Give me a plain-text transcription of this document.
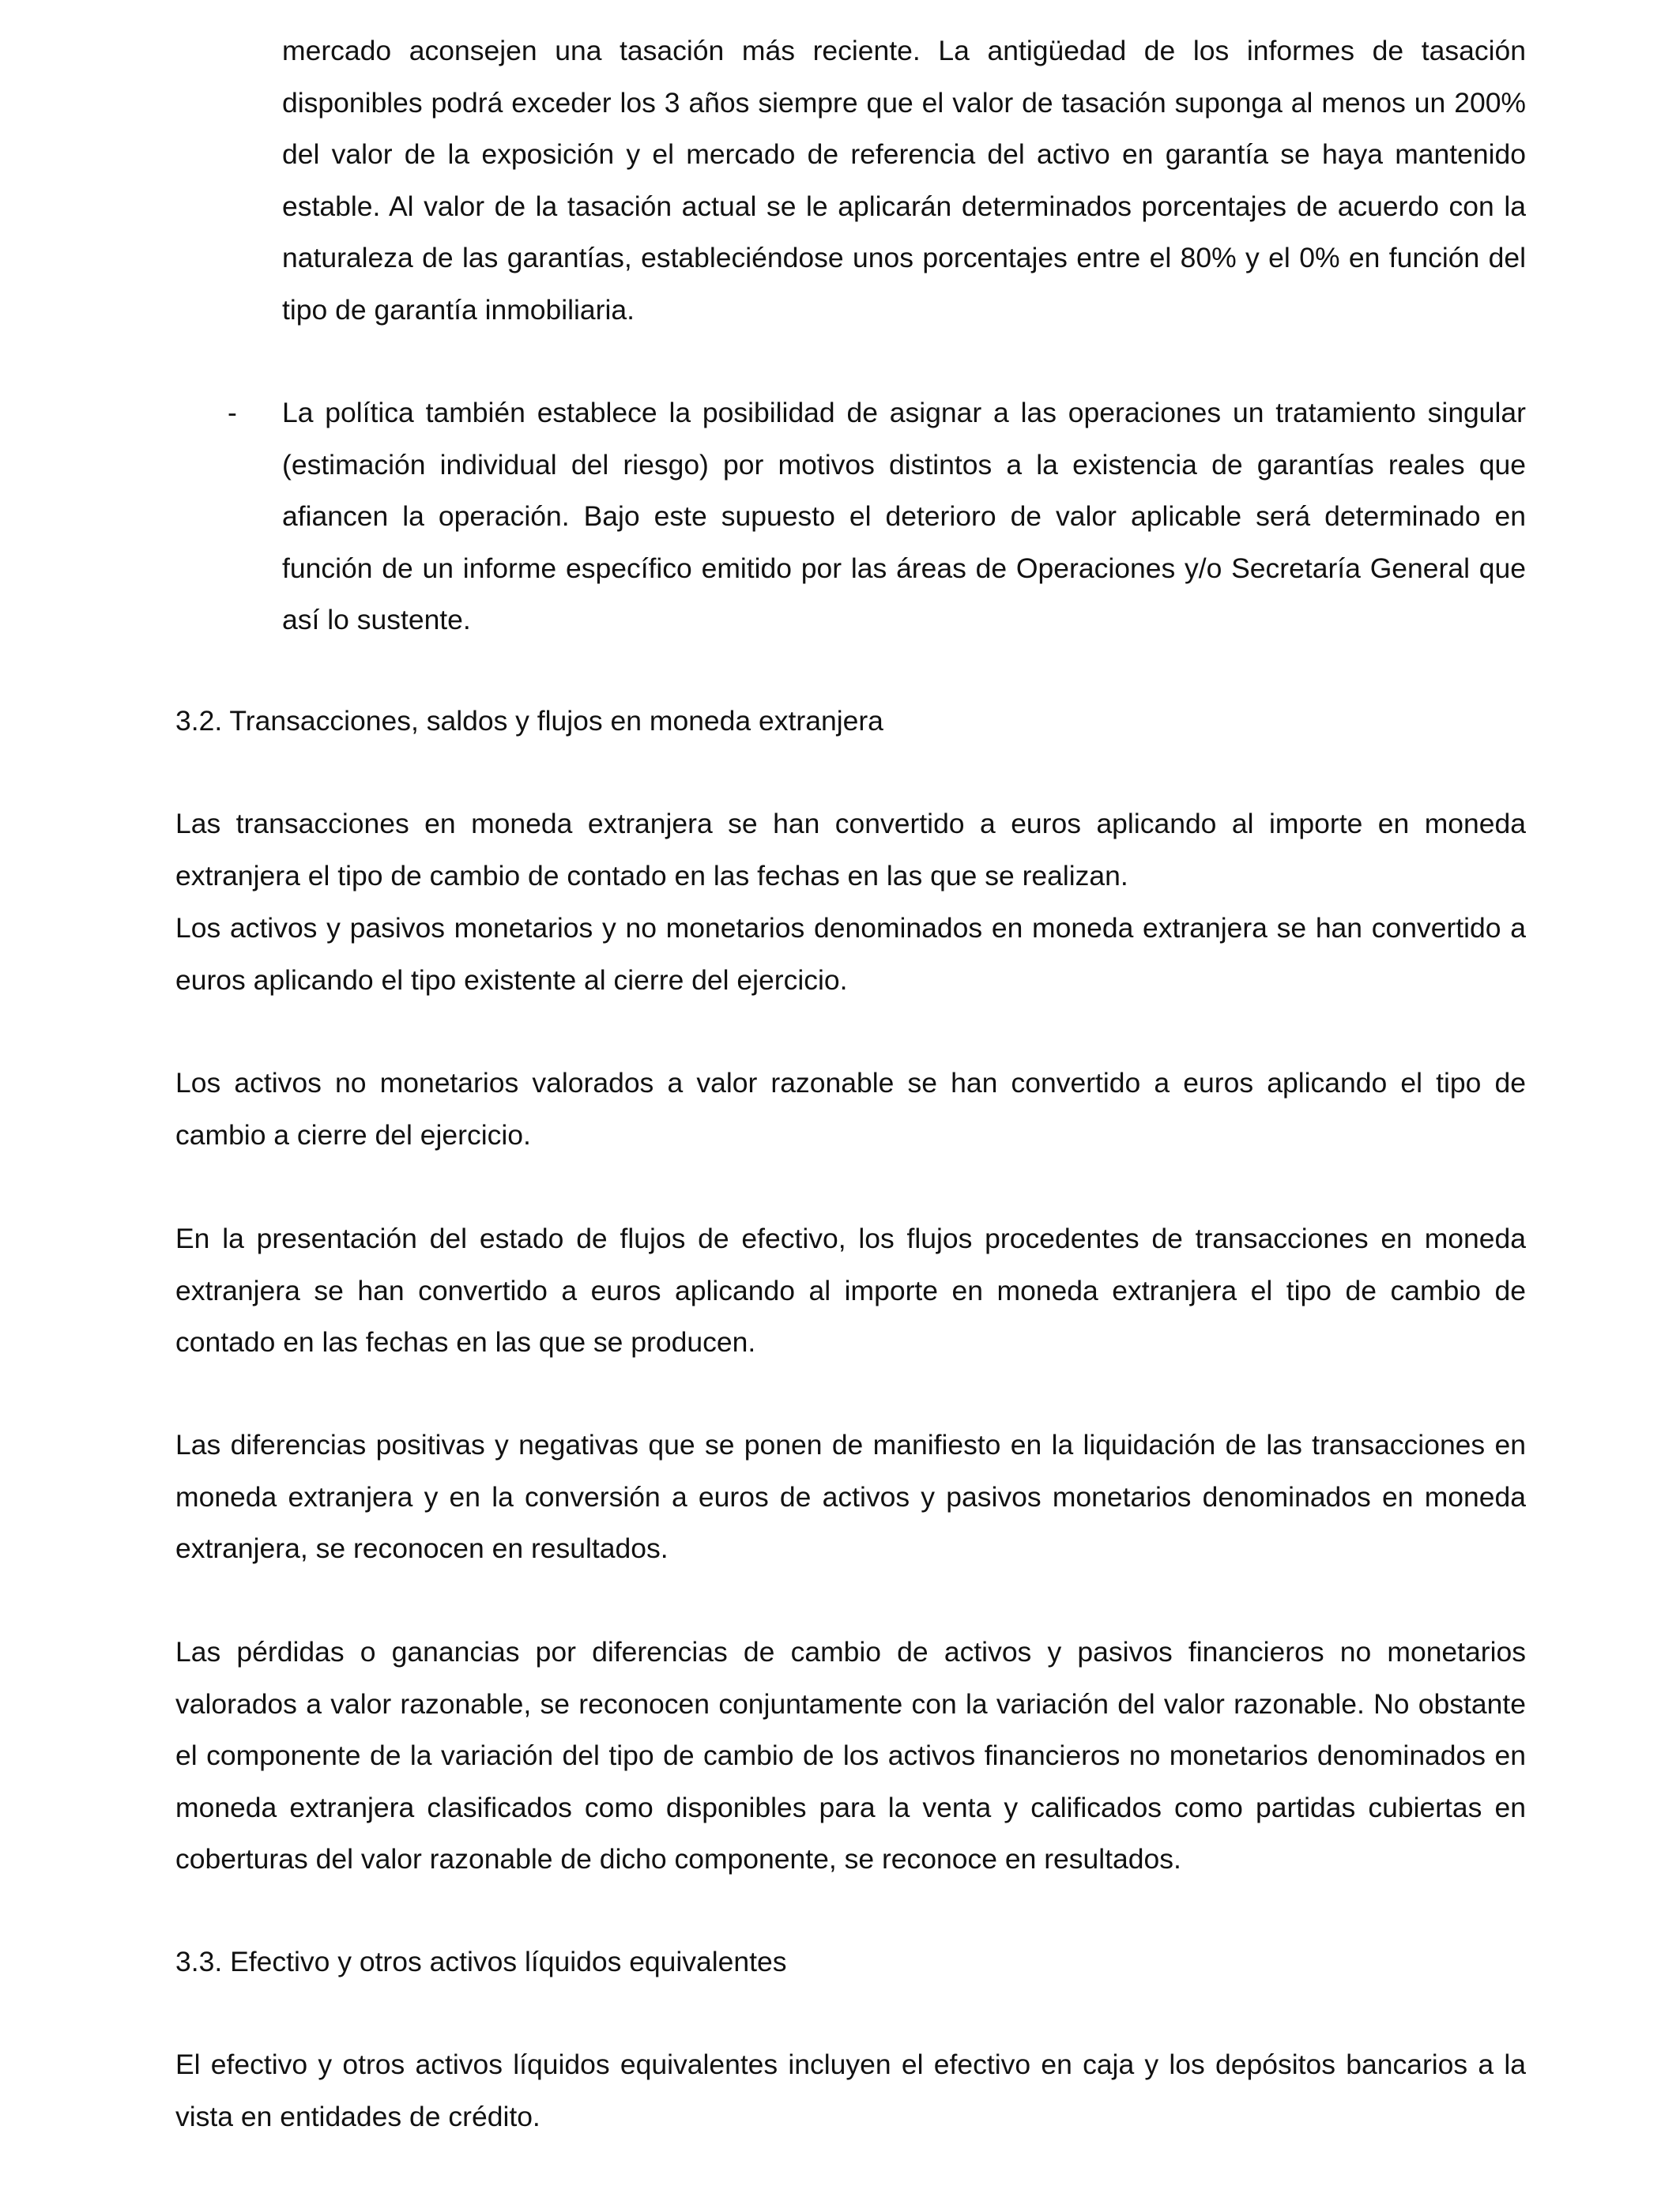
mercado aconsejen una tasación más reciente. La antigüedad de los informes de tasación disponibles podrá exceder los 3 años siempre que el valor de tasación suponga al menos un 200% del valor de la exposición y el mercado de referencia del activo en garantía se haya mantenido estable. Al valor de la tasación actual se le aplicarán determinados porcentajes de acuerdo con la naturaleza de las garantías, estableciéndose unos porcentajes entre el 80% y el 0% en función del tipo de garantía inmobiliaria.

- La política también establece la posibilidad de asignar a las operaciones un tratamiento singular (estimación individual del riesgo) por motivos distintos a la existencia de garantías reales que afiancen la operación. Bajo este supuesto el deterioro de valor aplicable será determinado en función de un informe específico emitido por las áreas de Operaciones y/o Secretaría General que así lo sustente.

3.2. Transacciones, saldos y flujos en moneda extranjera

Las transacciones en moneda extranjera se han convertido a euros aplicando al importe en moneda extranjera el tipo de cambio de contado en las fechas en las que se realizan.

Los activos y pasivos monetarios y no monetarios denominados en moneda extranjera se han convertido a euros aplicando el tipo existente al cierre del ejercicio.

Los activos no monetarios valorados a valor razonable se han convertido a euros aplicando el tipo de cambio a cierre del ejercicio.

En la presentación del estado de flujos de efectivo, los flujos procedentes de transacciones en moneda extranjera se han convertido a euros aplicando al importe en moneda extranjera el tipo de cambio de contado en las fechas en las que se producen.

Las diferencias positivas y negativas que se ponen de manifiesto en la liquidación de las transacciones en moneda extranjera y en la conversión a euros de activos y pasivos monetarios denominados en moneda extranjera, se reconocen en resultados.

Las pérdidas o ganancias por diferencias de cambio de activos y pasivos financieros no monetarios valorados a valor razonable, se reconocen conjuntamente con la variación del valor razonable. No obstante el componente de la variación del tipo de cambio de los activos financieros no monetarios denominados en moneda extranjera clasificados como disponibles para la venta y calificados como partidas cubiertas en coberturas del valor razonable de dicho componente, se reconoce en resultados.

3.3. Efectivo y otros activos líquidos equivalentes

El efectivo y otros activos líquidos equivalentes incluyen el efectivo en caja y los depósitos bancarios a la vista en entidades de crédito.
